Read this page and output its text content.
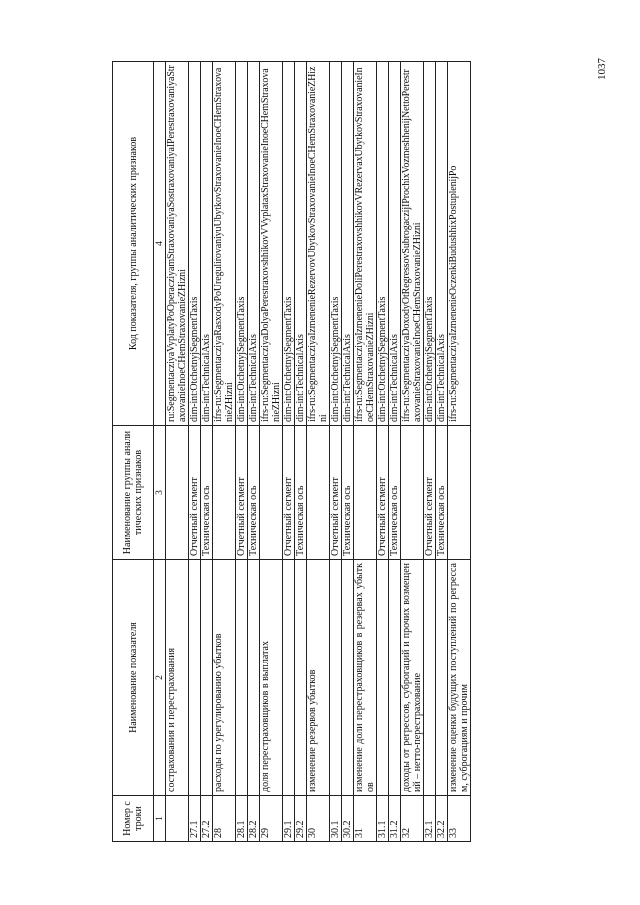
Номер строки	Наименование показателя	Наименование группы аналитических признаков	Код показателя, группы аналитических признаков
1	2	3	4
	сострахования и перестрахования		ru:SegmentacziyaVyplatyPoOperacziyamStraxovaniyaSostraxovaniyaIPerestraxovaniyaStraxovanieInoeCHemStraxovanieZHizni
27.1		Отчетный сегмент	dim-int:OtchetnyjSegmentTaxis
27.2		Техническая ось	dim-int:TechnicalAxis
28	расходы по урегулированию убытков		ifrs-ru:SegmentacziyaRasxodyPoUregulirovaniyuUbytkovStraxovanieInoeCHemStraxovanieZHizni
28.1		Отчетный сегмент	dim-int:OtchetnyjSegmentTaxis
28.2		Техническая ось	dim-int:TechnicalAxis
29	доля перестраховщиков в выплатах		ifrs-ru:SegmentacziyaDolyaPerestraxovshhikovVVyplataxStraxovanieInoeCHemStraxovanieZHizni
29.1		Отчетный сегмент	dim-int:OtchetnyjSegmentTaxis
29.2		Техническая ось	dim-int:TechnicalAxis
30	изменение резервов убытков		ifrs-ru:SegmentacziyaIzmenenieRezervovUbytkovStraxovanieInoeCHemStraxovanieZHizni
30.1		Отчетный сегмент	dim-int:OtchetnyjSegmentTaxis
30.2		Техническая ось	dim-int:TechnicalAxis
31	изменение доли перестраховщиков в резервах убытков		ifrs-ru:SegmentacziyaIzmenenieDoliPerestraxovshhikovVRezervaxUbytkovStraxovanieInoeCHemStraxovanieZHizni
31.1		Отчетный сегмент	dim-int:OtchetnyjSegmentTaxis
31.2		Техническая ось	dim-int:TechnicalAxis
32	доходы от регрессов, суброгаций и прочих возмещений – нетто-перестрахование		ifrs-ru:SegmentacziyaDoxodyOtRegressovSubrogaczijIProchixVozmeshhenijNettoPerestraxovanieStraxovanieInoeCHemStraxovanieZHizni
32.1		Отчетный сегмент	dim-int:OtchetnyjSegmentTaxis
32.2		Техническая ось	dim-int:TechnicalAxis
33	изменение оценки будущих поступлений по регрессам, суброгациям и прочим		ifrs-ru:SegmentacziyaIzmenenieOczenkiBudushhixPostuplenijPo
1037
